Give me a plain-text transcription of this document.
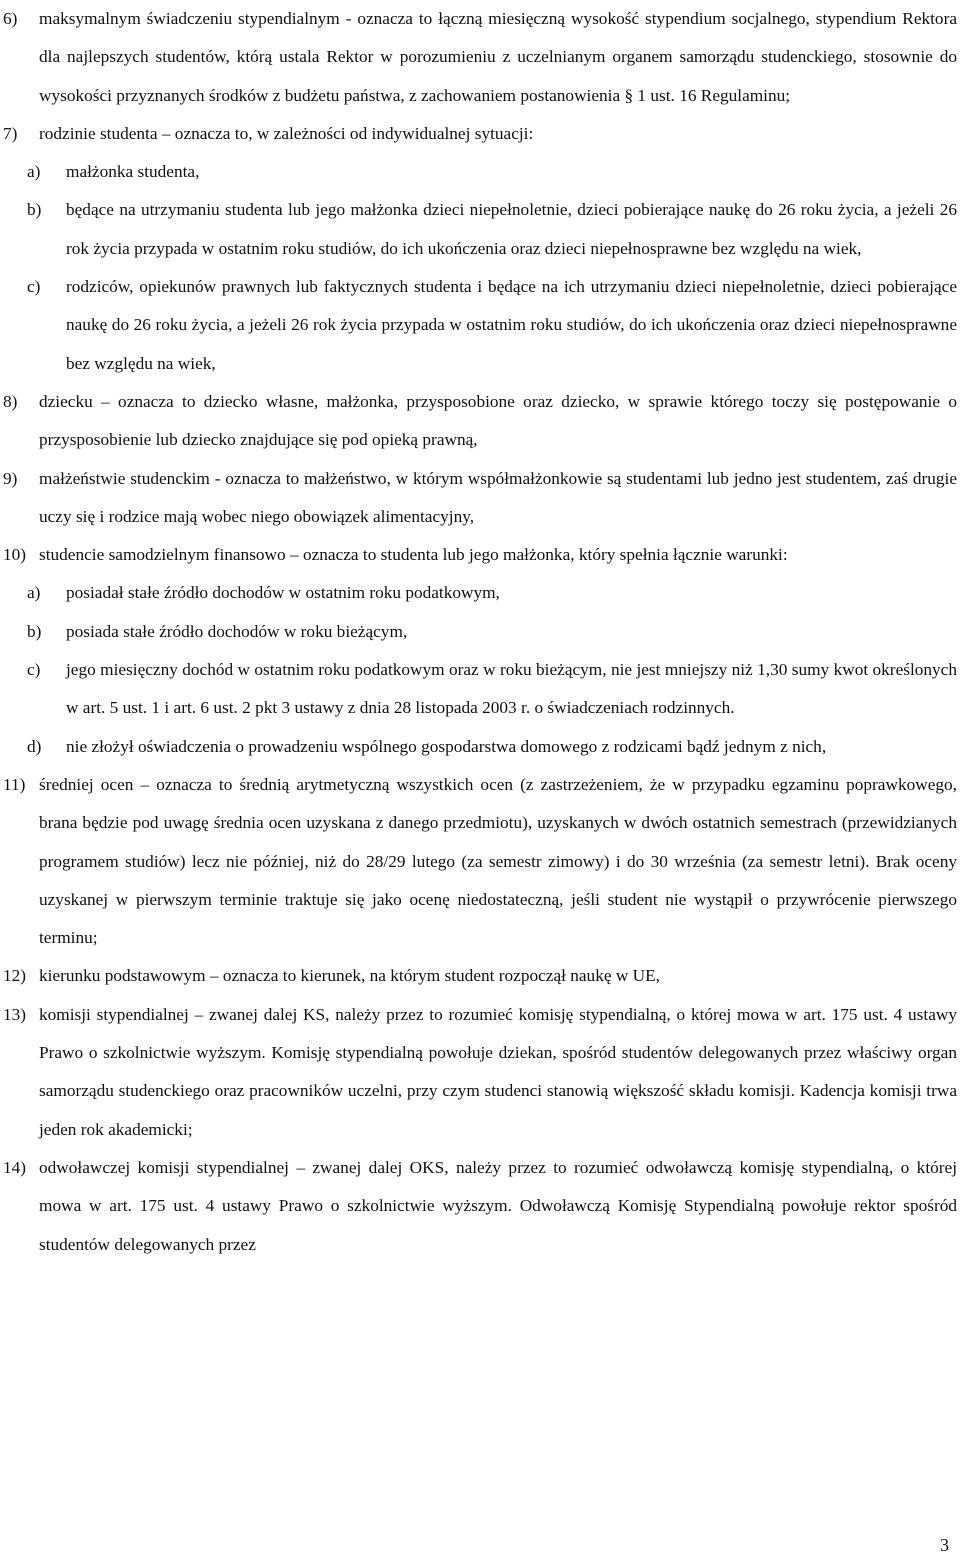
6) maksymalnym świadczeniu stypendialnym - oznacza to łączną miesięczną wysokość stypendium socjalnego, stypendium Rektora dla najlepszych studentów, którą ustala Rektor w porozumieniu z uczelnianym organem samorządu studenckiego, stosownie do wysokości przyznanych środków z budżetu państwa, z zachowaniem postanowienia § 1 ust. 16 Regulaminu;
7) rodzinie studenta – oznacza to, w zależności od indywidualnej sytuacji:
a) małżonka studenta,
b) będące na utrzymaniu studenta lub jego małżonka dzieci niepełnoletnie, dzieci pobierające naukę do 26 roku życia, a jeżeli 26 rok życia przypada w ostatnim roku studiów, do ich ukończenia oraz dzieci niepełnosprawne bez względu na wiek,
c) rodziców, opiekunów prawnych lub faktycznych studenta i będące na ich utrzymaniu dzieci niepełnoletnie, dzieci pobierające naukę do 26 roku życia, a jeżeli 26 rok życia przypada w ostatnim roku studiów, do ich ukończenia oraz dzieci niepełnosprawne bez względu na wiek,
8) dziecku – oznacza to dziecko własne, małżonka, przysposobione oraz dziecko, w sprawie którego toczy się postępowanie o przysposobienie lub dziecko znajdujące się pod opieką prawną,
9) małżeństwie studenckim - oznacza to małżeństwo, w którym współmałżonkowie są studentami lub jedno jest studentem, zaś drugie uczy się i rodzice mają wobec niego obowiązek alimentacyjny,
10) studencie samodzielnym finansowo – oznacza to studenta lub jego małżonka, który spełnia łącznie warunki:
a) posiadał stałe źródło dochodów w ostatnim roku podatkowym,
b) posiada stałe źródło dochodów w roku bieżącym,
c) jego miesięczny dochód w ostatnim roku podatkowym oraz w roku bieżącym, nie jest mniejszy niż 1,30 sumy kwot określonych w art. 5 ust. 1 i art. 6 ust. 2 pkt 3 ustawy z dnia 28 listopada 2003 r. o świadczeniach rodzinnych.
d) nie złożył oświadczenia o prowadzeniu wspólnego gospodarstwa domowego z rodzicami bądź jednym z nich,
11) średniej ocen – oznacza to średnią arytmetyczną wszystkich ocen (z zastrzeżeniem, że w przypadku egzaminu poprawkowego, brana będzie pod uwagę średnia ocen uzyskana z danego przedmiotu), uzyskanych w dwóch ostatnich semestrach (przewidzianych programem studiów) lecz nie później, niż do 28/29 lutego (za semestr zimowy) i do 30 września (za semestr letni). Brak oceny uzyskanej w pierwszym terminie traktuje się jako ocenę niedostateczną, jeśli student nie wystąpił o przywrócenie pierwszego terminu;
12) kierunku podstawowym – oznacza to kierunek, na którym student rozpoczął naukę w UE,
13) komisji stypendialnej – zwanej dalej KS, należy przez to rozumieć komisję stypendialną, o której mowa w art. 175 ust. 4 ustawy Prawo o szkolnictwie wyższym. Komisję stypendialną powołuje dziekan, spośród studentów delegowanych przez właściwy organ samorządu studenckiego oraz pracowników uczelni, przy czym studenci stanowią większość składu komisji. Kadencja komisji trwa jeden rok akademicki;
14) odwoławczej komisji stypendialnej – zwanej dalej OKS, należy przez to rozumieć odwoławczą komisję stypendialną, o której mowa w art. 175 ust. 4 ustawy Prawo o szkolnictwie wyższym. Odwoławczą Komisję Stypendialną powołuje rektor spośród studentów delegowanych przez
3
